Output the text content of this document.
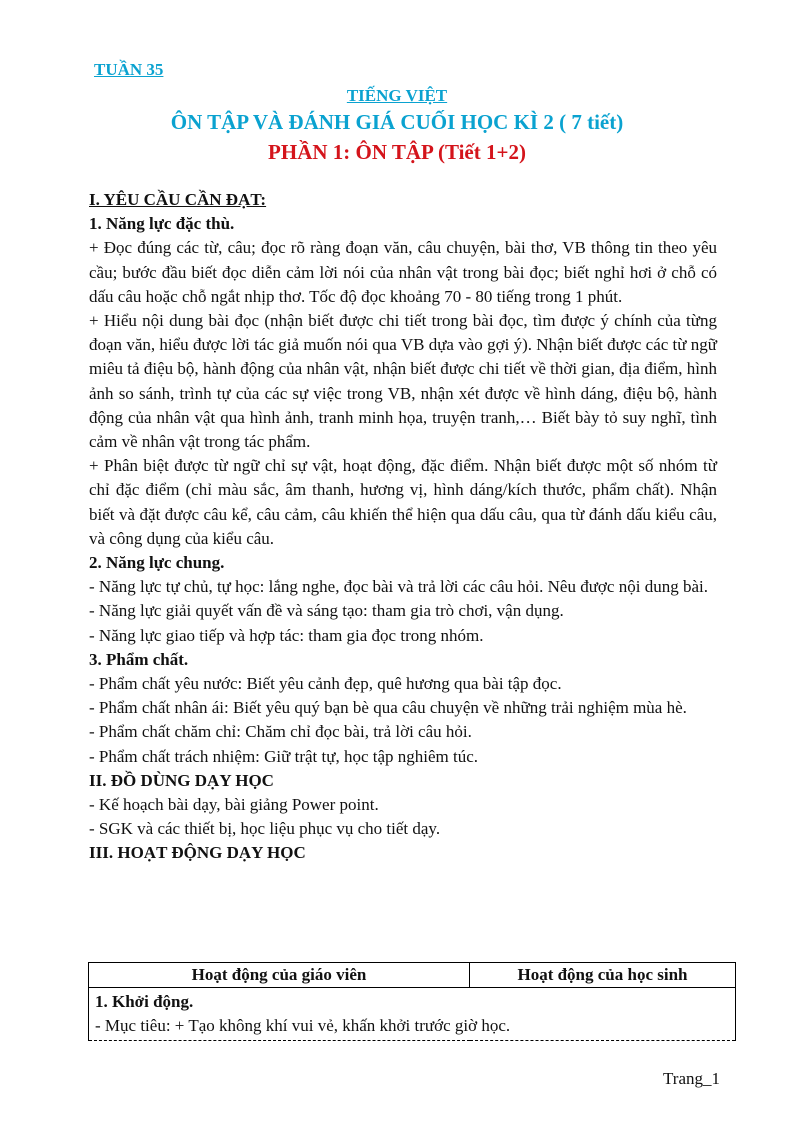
TUẦN 35
TIẾNG VIỆT
ÔN TẬP VÀ ĐÁNH GIÁ CUỐI HỌC KÌ 2 ( 7 tiết)
PHẦN 1: ÔN TẬP (Tiết 1+2)

I. YÊU CẦU CẦN ĐẠT:

1. Năng lực đặc thù.

+ Đọc đúng các từ, câu; đọc rõ ràng đoạn văn, câu chuyện, bài thơ, VB thông tin theo yêu cầu; bước đầu biết đọc diễn cảm lời nói của nhân vật trong bài đọc; biết nghỉ hơi ở chỗ có dấu câu hoặc chỗ ngắt nhịp thơ. Tốc độ đọc khoảng 70 - 80 tiếng trong 1 phút.

+ Hiểu nội dung bài đọc (nhận biết được chi tiết trong bài đọc, tìm được ý chính của từng đoạn văn, hiểu được lời tác giả muốn nói qua VB dựa vào gợi ý). Nhận biết được các từ ngữ miêu tả điệu bộ, hành động của nhân vật, nhận biết được chi tiết về thời gian, địa điểm, hình ảnh so sánh, trình tự của các sự việc trong VB, nhận xét được về hình dáng, điệu bộ, hành động của nhân vật qua hình ảnh, tranh minh họa, truyện tranh,… Biết bày tỏ suy nghĩ, tình cảm về nhân vật trong tác phẩm.

+ Phân biệt được từ ngữ chỉ sự vật, hoạt động, đặc điểm. Nhận biết được một số nhóm từ chỉ đặc điểm (chỉ màu sắc, âm thanh, hương vị, hình dáng/kích thước, phẩm chất). Nhận biết và đặt được câu kể, câu cảm, câu khiến thể hiện qua dấu câu, qua từ đánh dấu kiểu câu, và công dụng của kiểu câu.

2. Năng lực chung.

- Năng lực tự chủ, tự học: lắng nghe, đọc bài và trả lời các câu hỏi. Nêu được nội dung bài.

- Năng lực giải quyết vấn đề và sáng tạo: tham gia trò chơi, vận dụng.

- Năng lực giao tiếp và hợp tác: tham gia đọc trong nhóm.

3. Phẩm chất.

- Phẩm chất yêu nước: Biết yêu cảnh đẹp, quê hương qua bài tập đọc.

- Phẩm chất nhân ái: Biết yêu quý bạn bè qua câu chuyện về những trải nghiệm mùa hè.

- Phẩm chất chăm chỉ: Chăm chỉ đọc bài, trả lời câu hỏi.

- Phẩm chất trách nhiệm: Giữ trật tự, học tập nghiêm túc.

II. ĐỒ DÙNG DẠY HỌC

- Kế hoạch bài dạy, bài giảng Power point.

- SGK và các thiết bị, học liệu phục vụ cho tiết dạy.

III. HOẠT ĐỘNG DẠY HỌC

Hoạt động của giáo viên	Hoạt động của học sinh

1. Khởi động.
- Mục tiêu: + Tạo không khí vui vẻ, khấn khởi trước giờ học.
Trang_1
